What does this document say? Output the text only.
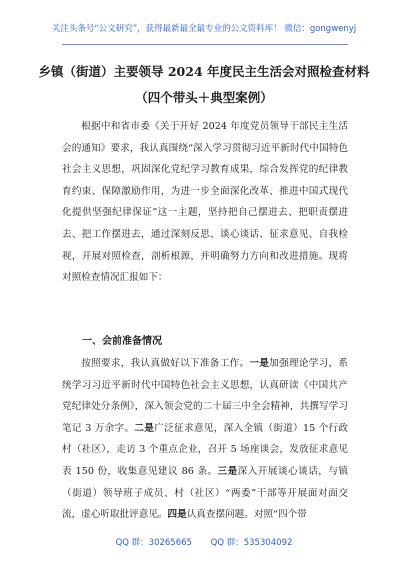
关注头条号“公文研究”，获得最新最全最专业的公文资料库！ 微信：gongwenyj
乡镇（街道）主要领导 2024 年度民主生活会对照检查材料
（四个带头＋典型案例）

根据中和省市委《关于开好 2024 年度党员领导干部民主生活会的通知》要求，我认真围绕“深入学习贯彻习近平新时代中国特色社会主义思想，巩固深化党纪学习教育成果，综合发挥党的纪律教育约束、保障激励作用，为进一步全面深化改革、推进中国式现代化提供坚强纪律保证”这一主题，坚持把自己摆进去、把职责摆进去、把工作摆进去，通过深刻反思、谈心谈话、征求意见、自我检视，开展对照检查，剖析根源，并明确努力方向和改进措施。现将对照检查情况汇报如下：

一、会前准备情况

按照要求，我认真做好以下准备工作。一是加强理论学习，系统学习习近平新时代中国特色社会主义思想，认真研读《中国共产党纪律处分条例》，深入领会党的二十届三中全会精神，共撰写学习笔记 3 万余字。二是广泛征求意见，深入全镇（街道）15 个行政村（社区），走访 3 个重点企业，召开 5 场座谈会，发放征求意见表 150 份，收集意见建议 86 条。三是深入开展谈心谈话，与镇（街道）领导班子成员、村（社区）“两委”干部等开展面对面交流，虚心听取批评意见。四是认真查摆问题。对照“四个带

QQ 群：30265665 QQ 群：535304092
